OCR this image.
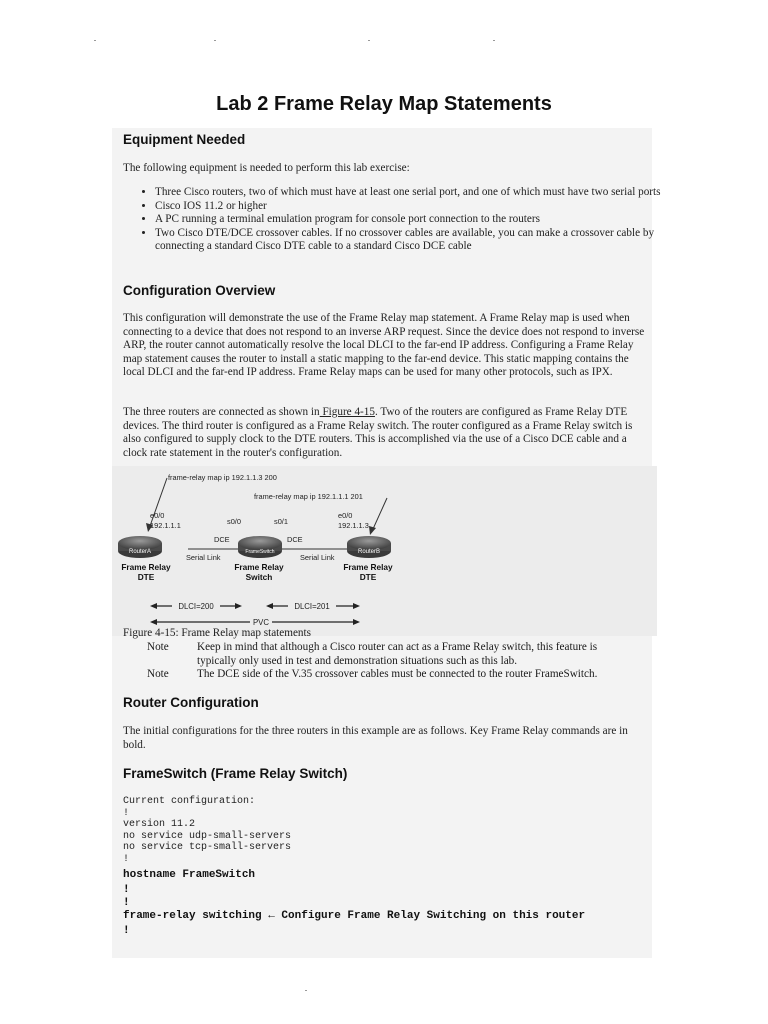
Lab 2 Frame Relay Map Statements
Equipment Needed
The following equipment is needed to perform this lab exercise:
• Three Cisco routers, two of which must have at least one serial port, and one of which must have two serial ports
• Cisco IOS 11.2 or higher
• A PC running a terminal emulation program for console port connection to the routers
• Two Cisco DTE/DCE crossover cables. If no crossover cables are available, you can make a crossover cable by connecting a standard Cisco DTE cable to a standard Cisco DCE cable
Configuration Overview
This configuration will demonstrate the use of the Frame Relay map statement. A Frame Relay map is used when connecting to a device that does not respond to an inverse ARP request. Since the device does not respond to inverse ARP, the router cannot automatically resolve the local DLCI to the far-end IP address. Configuring a Frame Relay map statement causes the router to install a static mapping to the far-end device. This static mapping contains the local DLCI and the far-end IP address. Frame Relay maps can be used for many other protocols, such as IPX.
The three routers are connected as shown in Figure 4-15. Two of the routers are configured as Frame Relay DTE devices. The third router is configured as a Frame Relay switch. The router configured as a Frame Relay switch is also configured to supply clock to the DTE routers. This is accomplished via the use of a Cisco DCE cable and a clock rate statement in the router's configuration.
frame-relay map ip 192.1.1.3 200
frame-relay map ip 192.1.1.1 201
e0/0
192.1.1.1	s0/0	s0/1
e0/0
192.1.1.3
DCE	DCE
Serial Link	Serial Link
RouterA	FrameSwitch	RouterB
Frame Relay
DTE
Frame Relay
Switch
Frame Relay
DTE
DLCI=200	DLCI=201
PVC
Figure 4-15: Frame Relay map statements
Note	Keep in mind that although a Cisco router can act as a Frame Relay switch, this feature is typically only used in test and demonstration situations such as this lab.
Note	The DCE side of the V.35 crossover cables must be connected to the router FrameSwitch.
Router Configuration
The initial configurations for the three routers in this example are as follows. Key Frame Relay commands are in bold.
FrameSwitch (Frame Relay Switch)
Current configuration:
!
version 11.2
no service udp-small-servers
no service tcp-small-servers
!
hostname FrameSwitch
!
!
frame-relay switching ← Configure Frame Relay Switching on this router
!
